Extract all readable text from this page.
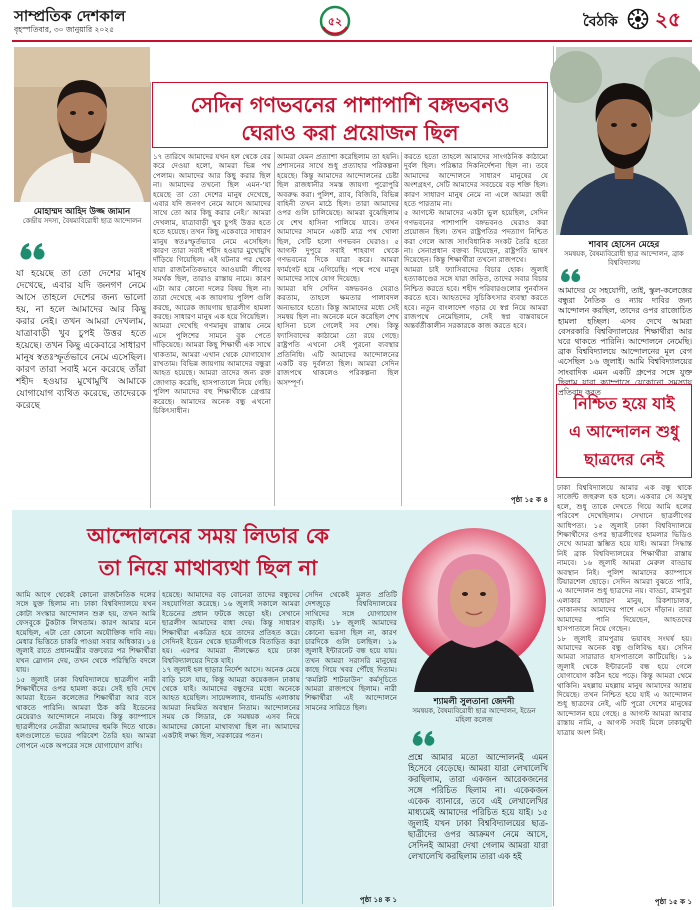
সাম্প্রতিক দেশকাল
বৃহস্পতিবার, ৩০ জানুয়ারি ২০২৫
৫২	বৈঠকি ২৫
মোহাম্মদ আহিদ উজ্জ জামান
কেন্দ্রীয় সদস্য, বৈষম্যবিরোধী ছাত্র আন্দোলন
যা হয়েছে তা তো দেশের মানুষ দেখেছে, এবার যদি জনগণ নেমে আসে তাহলে দেশের জন্য ভালো হয়, না হলে আমাদের আর কিছু করার নেই। তখন আমরা দেখলাম, যাত্রাবাড়ী খুব চুপই উত্তর হতে হয়েছে। তখন কিছু একেবারে সাধারণ মানুষ স্বতঃস্ফূর্তভাবে নেমে এসেছিল। কারণ তারা সবাই মনে করেছে তাঁরা শহীদ হওয়ার মুখোমুখি আমাকে যোগাযোগ ব্যথিত করেছে, তাদেরকে করেছে
সেদিন গণভবনের পাশাপাশি বঙ্গভবনও
ঘেরাও করা প্রয়োজন ছিল
১৭ তারিখে আমাদের যখন হল থেকে বের করে দেওয়া হলো, আমরা ভিন্ন পথ পেলাম। আমাদের আর কিছু করার ছিল না। আমাদের তখনো ছিল এমন-‘যা হয়েছে তা তো দেশের মানুষ দেখেছে, এবার যদি জনগণ নেমে আসে আমাদের সাথে তো আর কিছু করার নেই।’ আমরা দেখলাম, যাত্রাবাড়ী খুব চুপই উত্তর হতে হতে হয়েছে। তখন কিছু একেবারে সাধারণ মানুষ স্বতঃস্ফূর্তভাবে নেমে এসেছিল। কারণ তারা সবাই শহীদ হওয়ার মুখোমুখি দাঁড়িয়ে গিয়েছিল। এই ঘটনার পর থেকে যারা রাজনৈতিকভাবে আওয়ামী লীগের সমর্থক ছিল, তারাও রাস্তায় নামে। কারণ এটা আর কোনো দলের বিষয় ছিল না। তারা দেখেছে এক জায়গায় পুলিশ গুলি করছে, আরেক জায়গায় ছাত্রলীগ হামলা করছে। সাধারণ মানুষ এক হয়ে গিয়েছিল।
আমরা দেখেছি গণমানুষ রাস্তায় নেমে এসে পুলিশের সামনে বুক পেতে দাঁড়িয়েছে। আমরা কিছু শিক্ষার্থী এক সাথে থাকতাম, আমরা এখান থেকে যোগাযোগ রাখতাম। বিভিন্ন জায়গায় আমাদের বন্ধুরা আহত হয়েছে। আমরা তাদের জন্য রক্ত জোগাড় করেছি, হাসপাতালে নিয়ে গেছি। পুলিশ আমাদের বহু শিক্ষার্থীকে গ্রেপ্তার করেছে। আমাদের অনেক বন্ধু এখনো চিকিৎসাধীন।
আমরা যেমন প্রত্যাশা করেছিলাম তা হয়নি। প্রশাসনের সাথে শুধু প্রত্যাহার পরিকল্পনা হয়েছে। কিন্তু আমাদের আন্দোলনের চেষ্টা ছিল রাজধানীর সমস্ত জায়গা পুরোপুরি অবরুদ্ধ করা। পুলিশ, র‍্যাব, বিজিবি, বিভিন্ন বাহিনী তখন মাঠে ছিল। তারা আমাদের ওপর গুলি চালিয়েছে। আমরা বুঝেছিলাম যে শেখ হাসিনা পালিয়ে যাবে। তখন আমাদের সামনে একটি মাত্র পথ খোলা ছিল, সেটি হলো গণভবন ঘেরাও। ৫ আগস্ট দুপুরে সবাই শাহবাগ থেকে গণভবনের দিকে যাত্রা করে। আমরা ফার্মগেট হয়ে এগিয়েছি। পথে পথে মানুষ আমাদের সাথে যোগ দিয়েছে।
আমরা যদি সেদিন বঙ্গভবনও ঘেরাও করতাম, তাহলে ক্ষমতার পালাবদল অন্যভাবে হতো। কিন্তু আমাদের মধ্যে সেই সমন্বয় ছিল না। অনেকে মনে করেছিল শেখ হাসিনা চলে গেলেই সব শেষ। কিন্তু ফ্যাসিবাদের কাঠামো তো রয়ে গেছে। রাষ্ট্রপতি এখনো সেই পুরনো ব্যবস্থার প্রতিনিধি। এটি আমাদের আন্দোলনের একটি বড় দুর্বলতা ছিল। আমরা সেদিন রাজপথে থাকলেও পরিকল্পনা ছিল অসম্পূর্ণ।
করতে হতো তাহলে আমাদের সাংগঠনিক কাঠামো দুর্বল ছিল। পরিষ্কার দিকনির্দেশনা ছিল না। তবে আমাদের আন্দোলনে সাধারণ মানুষের যে অংশগ্রহণ, সেটি আমাদের সবচেয়ে বড় শক্তি ছিল। কারণ সাধারণ মানুষ নেমে না এলে আমরা জয়ী হতে পারতাম না।
৫ আগস্টে আমাদের একটা ভুল হয়েছিল, সেদিন গণভবনের পাশাপাশি বঙ্গভবনও ঘেরাও করা প্রয়োজন ছিল। তখন রাষ্ট্রপতির পদত্যাগ নিশ্চিত করা গেলে আজ সাংবিধানিক সংকট তৈরি হতো না। সেনাপ্রধান বক্তব্য দিয়েছেন, রাষ্ট্রপতি ভাষণ দিয়েছেন। কিন্তু শিক্ষার্থীরা তখনো রাজপথে।
আমরা চাই ফ্যাসিবাদের বিচার হোক। জুলাই হত্যাকাণ্ডের সঙ্গে যারা জড়িত, তাদের সবার বিচার নিশ্চিত করতে হবে। শহীদ পরিবারগুলোর পুনর্বাসন করতে হবে। আহতদের সুচিকিৎসার ব্যবস্থা করতে হবে। নতুন বাংলাদেশ গড়ার যে স্বপ্ন নিয়ে আমরা রাজপথে নেমেছিলাম, সেই স্বপ্ন বাস্তবায়নে অন্তর্বর্তীকালীন সরকারকে কাজ করতে হবে।
পৃষ্ঠা ১৫ ক ৪
শাবাব হোসেন মেহের
সমন্বয়ক, বৈষম্যবিরোধী ছাত্র আন্দোলন, ব্রাক বিশ্ববিদ্যালয়
আমাদের যে সহযোগী, তাই, স্কুল-কলেজের বন্ধুরা নৈতিক ও ন্যায় দাবির জন্য আন্দোলন করছিল, তাদের ওপর রাজোচিত হামলা হচ্ছিল। এসব দেখে আমরা বেসরকারি বিশ্ববিদ্যালয়ের শিক্ষার্থীরা আর ঘরে থাকতে পারিনি। আন্দোলনে নেমেছি। ব্রাক বিশ্ববিদ্যালয়ে আন্দোলনের মূল বেগ এসেছিল ১৬ জুলাই। আমি বিশ্ববিদ্যালয়ের সাংবাদিক এমন একটি গ্রুপের সঙ্গে যুক্ত ছিলাম যারা ক্যাম্পাসে যেকোনো সমস্যায় প্রতিবাদ করত
নিশ্চিত হয়ে যাই
এ আন্দোলন শুধু
ছাত্রদের নেই
ঢাকা বিশ্ববিদ্যালয়ে আমার এক বন্ধু থাকে সার্জেন্ট জহুরুল হক হলে। একবার সে অসুস্থ হলে, শুধু তাকে দেখতে গিয়ে আমি হলের পরিবেশ দেখেছিলাম। সেখানে ছাত্রলীগের আধিপত্য। ১৫ জুলাই ঢাকা বিশ্ববিদ্যালয়ে শিক্ষার্থীদের ওপর ছাত্রলীগের হামলার ভিডিও দেখে আমরা স্তম্ভিত হয়ে যাই। আমরা সিদ্ধান্ত নিই ব্রাক বিশ্ববিদ্যালয়ের শিক্ষার্থীরা রাস্তায় নামবে। ১৬ জুলাই আমরা মেরুল বাড্ডায় অবস্থান নিই। পুলিশ আমাদের ক্যাম্পাসে টিয়ারশেল ছোড়ে। সেদিন আমরা বুঝতে পারি, এ আন্দোলন শুধু ছাত্রদের নয়। বাড্ডা, রামপুরা এলাকার সাধারণ মানুষ, রিকশাচালক, দোকানদার আমাদের পাশে এসে দাঁড়ান। তারা আমাদের পানি দিয়েছেন, আহতদের হাসপাতালে নিয়ে গেছেন।
১৮ জুলাই রামপুরায় ভয়াবহ সংঘর্ষ হয়। আমাদের অনেক বন্ধু গুলিবিদ্ধ হয়। সেদিন আমরা সারারাত হাসপাতালে কাটিয়েছি। ১৯ জুলাই থেকে ইন্টারনেট বন্ধ হয়ে গেলে যোগাযোগ কঠিন হয়ে পড়ে। কিন্তু আমরা থেমে থাকিনি। মহল্লায় মহল্লায় মানুষ আমাদের আশ্রয় দিয়েছে। তখন নিশ্চিত হয়ে যাই এ আন্দোলন শুধু ছাত্রদের নেই, এটি পুরো দেশের মানুষের আন্দোলন হয়ে গেছে। ৪ আগস্ট আমরা আবার রাস্তায় নামি, ৫ আগস্ট সবাই মিলে ঢাকামুখী যাত্রায় অংশ নিই।
পৃষ্ঠা ১৫ ক ১
আন্দোলনের সময় লিডার কে
তা নিয়ে মাথাব্যথা ছিল না
শ্যামলী সুলতানা জেদনী
সমন্বয়ক, বৈষম্যবিরোধী ছাত্র আন্দোলন, ইডেন মহিলা কলেজ
প্রশ্নে আমার মতো আন্দোলনই এমন হিসেবে বেড়েছে। আমরা যারা লেখালেখি করছিলাম, তারা একজন আরেকজনের সঙ্গে পরিচিত ছিলাম না। একেকজন একেক ব্যানারে, তবে এই লেখালেখির মাধ্যমেই আমাদের পরিচিত হয়ে যাই। ১৫ জুলাই যখন ঢাকা বিশ্ববিদ্যালয়ের ছাত্র-ছাত্রীদের ওপর আক্রমণ নেমে আসে, সেদিনই আমরা দেখা গেলাম আমরা যারা লেখালেখি করছিলাম তারা এক হই
আমি আগে থেকেই কোনো রাজনৈতিক দলের সঙ্গে যুক্ত ছিলাম না। ঢাকা বিশ্ববিদ্যালয়ে যখন কোটা সংস্কার আন্দোলন শুরু হয়, তখন আমি ফেসবুকে টুকটাক লিখতাম। কারণ আমার মনে হয়েছিল, এটা তো কোনো অযৌক্তিক দাবি নয়। মেধার ভিত্তিতে চাকরি পাওয়া সবার অধিকার। ১৪ জুলাই রাতে প্রধানমন্ত্রীর বক্তব্যের পর শিক্ষার্থীরা যখন স্লোগান দেয়, তখন থেকে পরিস্থিতি বদলে যায়।
১৫ জুলাই ঢাকা বিশ্ববিদ্যালয়ে ছাত্রলীগ নারী শিক্ষার্থীদের ওপর হামলা করে। সেই ছবি দেখে আমরা ইডেন কলেজের শিক্ষার্থীরা আর বসে থাকতে পারিনি। আমরা ঠিক করি ইডেনের মেয়েরাও আন্দোলনে নামবে। কিন্তু ক্যাম্পাসে ছাত্রলীগের নেত্রীরা আমাদের হুমকি দিতে থাকে। হলগুলোতে ভয়ের পরিবেশ তৈরি হয়। আমরা গোপনে একে অপরের সঙ্গে যোগাযোগ রাখি।
হয়েছে। আমাদের বড় বোনেরা তাদের বন্ধুদের সহযোগিতা করেছে। ১৬ জুলাই সকালে আমরা ইডেনের প্রধান ফটকে জড়ো হই। সেখানে ছাত্রলীগ আমাদের বাধা দেয়। কিন্তু সাধারণ শিক্ষার্থীরা একত্রিত হয়ে তাদের প্রতিহত করে। সেদিনই ইডেন থেকে ছাত্রলীগকে বিতাড়িত করা হয়। এরপর আমরা নীলক্ষেত হয়ে ঢাকা বিশ্ববিদ্যালয়ের দিকে যাই।
১৭ জুলাই হল ছাড়ার নির্দেশ আসে। অনেক মেয়ে বাড়ি চলে যায়, কিন্তু আমরা কয়েকজন ঢাকায় থেকে যাই। আমাদের বন্ধুদের মধ্যে অনেকে আহত হয়েছিল। সায়েন্সল্যাব, ধানমন্ডি এলাকায় আমরা নিয়মিত অবস্থান নিতাম। আন্দোলনের সময় কে লিডার, কে সমন্বয়ক এসব নিয়ে আমাদের কোনো মাথাব্যথা ছিল না। আমাদের একটাই লক্ষ্য ছিল, সরকারের পতন।
সেদিন থেকেই মূলত প্রতিটি দেশজুড়ে বিশ্ববিদ্যালয়ের সাথিদের সঙ্গে যোগাযোগ বাড়াই। ১৮ জুলাই আমাদের কোনো ভরসা ছিল না, কারণ চারদিকে গুলি চলছিল। ১৯ জুলাই ইন্টারনেট বন্ধ হয়ে যায়। তখন আমরা সরাসরি মানুষের কাছে গিয়ে খবর পৌঁছে দিতাম। ‘কমপ্লিট শাটডাউন’ কর্মসূচিতে আমরা রাজপথে ছিলাম। নারী শিক্ষার্থীরা এই আন্দোলনে সামনের সারিতে ছিল।
পৃষ্ঠা ১৪ ক ১
